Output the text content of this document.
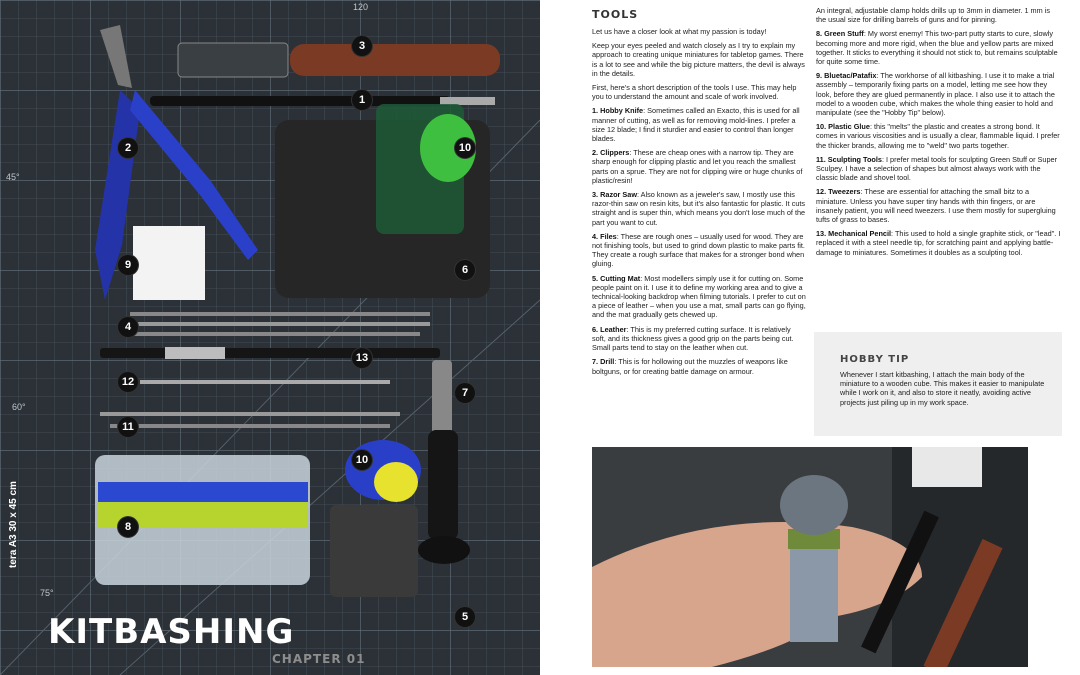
120
45°
60°
75°
1
2
3
4
5
6
7
8
9
10
11
12
13
10
tera A3 30 x 45 cm
KITBASHING
CHAPTER 01
TOOLS

Let us have a closer look at what my passion is today!

Keep your eyes peeled and watch closely as I try to explain my approach to creating unique miniatures for tabletop games. There is a lot to see and while the big picture matters, the devil is always in the details.

First, here's a short description of the tools I use. This may help you to understand the amount and scale of work involved.

1. Hobby Knife: Sometimes called an Exacto, this is used for all manner of cutting, as well as for removing mold-lines. I prefer a size 12 blade; I find it sturdier and easier to control than longer blades.

2. Clippers: These are cheap ones with a narrow tip. They are sharp enough for clipping plastic and let you reach the smallest parts on a sprue. They are not for clipping wire or huge chunks of plastic/resin!

3. Razor Saw: Also known as a jeweler's saw, I mostly use this razor-thin saw on resin kits, but it's also fantastic for plastic. It cuts straight and is super thin, which means you don't lose much of the part you want to cut.

4. Files: These are rough ones – usually used for wood. They are not finishing tools, but used to grind down plastic to make parts fit. They create a rough surface that makes for a stronger bond when gluing.

5. Cutting Mat: Most modellers simply use it for cutting on. Some people paint on it. I use it to define my working area and to give a technical-looking backdrop when filming tutorials. I prefer to cut on a piece of leather – when you use a mat, small parts can go flying, and the mat gradually gets chewed up.

6. Leather: This is my preferred cutting surface. It is relatively soft, and its thickness gives a good grip on the parts being cut. Small parts tend to stay on the leather when cut.

7. Drill: This is for hollowing out the muzzles of weapons like boltguns, or for creating battle damage on armour.

An integral, adjustable clamp holds drills up to 3mm in diameter. 1 mm is the usual size for drilling barrels of guns and for pinning.

8. Green Stuff: My worst enemy! This two-part putty starts to cure, slowly becoming more and more rigid, when the blue and yellow parts are mixed together. It sticks to everything it should not stick to, but remains sculptable for quite some time.

9. Bluetac/Patafix: The workhorse of all kitbashing. I use it to make a trial assembly – temporarily fixing parts on a model, letting me see how they look, before they are glued permanently in place. I also use it to attach the model to a wooden cube, which makes the whole thing easier to hold and manipulate (see the "Hobby Tip" below).

10. Plastic Glue: this "melts" the plastic and creates a strong bond. It comes in various viscosities and is usually a clear, flammable liquid. I prefer the thicker brands, allowing me to "weld" two parts together.

11. Sculpting Tools: I prefer metal tools for sculpting Green Stuff or Super Sculpey. I have a selection of shapes but almost always work with the classic blade and shovel tool.

12. Tweezers: These are essential for attaching the small bitz to a miniature. Unless you have super tiny hands with thin fingers, or are insanely patient, you will need tweezers. I use them mostly for supergluing tufts of grass to bases.

13. Mechanical Pencil: This used to hold a single graphite stick, or "lead". I replaced it with a steel needle tip, for scratching paint and applying battle-damage to miniatures. Sometimes it doubles as a sculpting tool.

HOBBY TIP
Whenever I start kitbashing, I attach the main body of the miniature to a wooden cube. This makes it easier to manipulate while I work on it, and also to store it neatly, avoiding active projects just piling up in my work space.
